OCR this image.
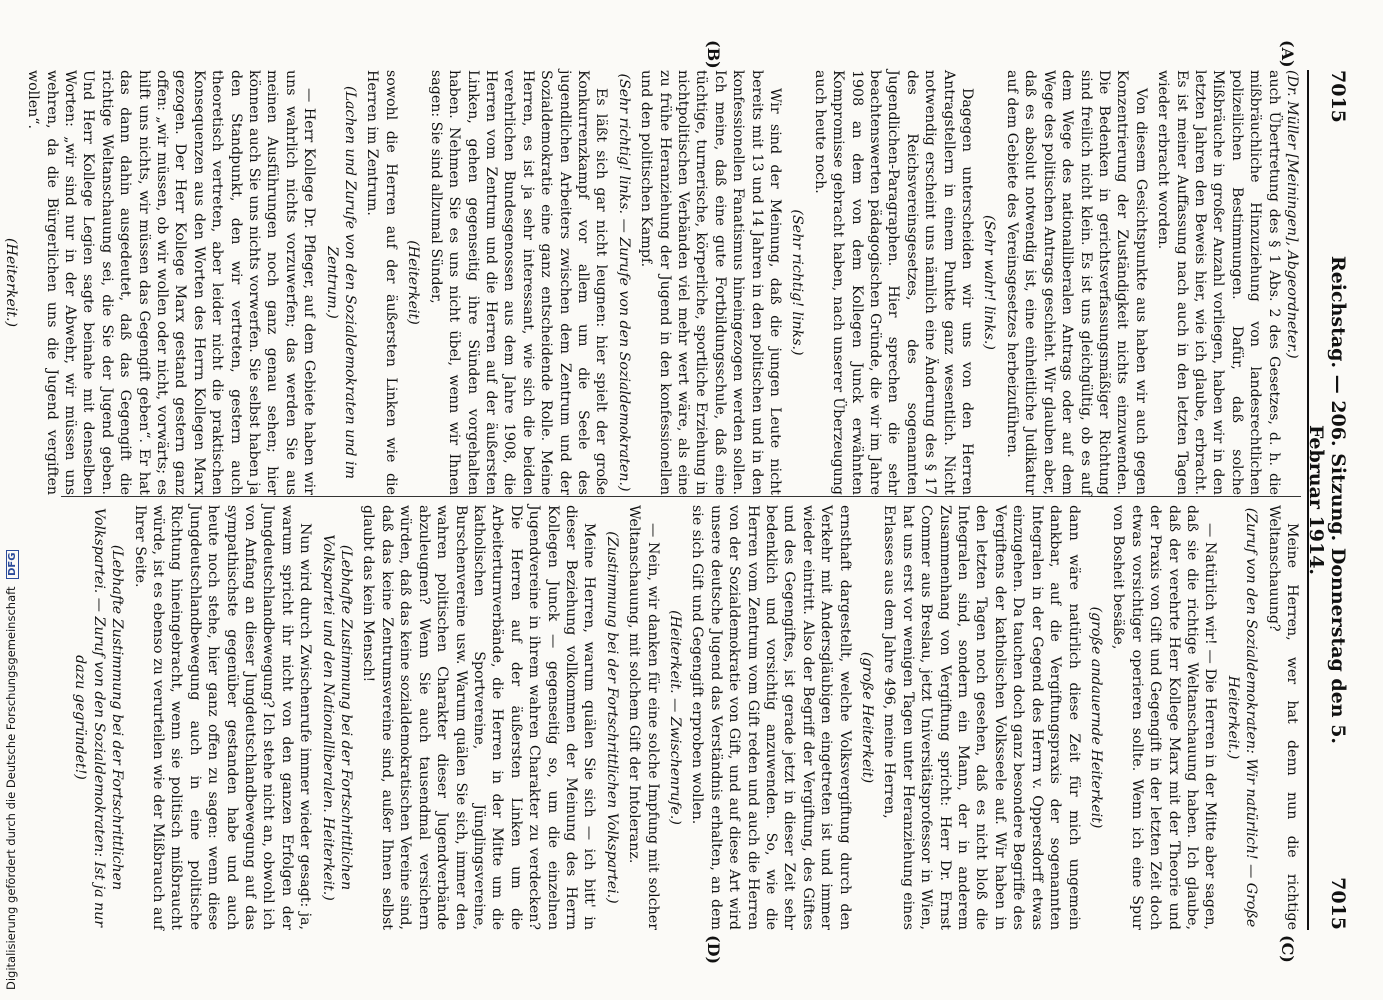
7015
Reichstag. — 206. Sitzung. Donnerstag den 5. Februar 1914.
7015
(A)
(B)
(C)
(D)

(Dr. Müller [Meiningen], Abgeordneter.)

auch Übertretung des § 1 Abs. 2 des Gesetzes, d. h. die mißbräuchliche Hinzuziehung von landesrechtlichen polizeilichen Bestimmungen. Dafür, daß solche Mißbräuche in großer Anzahl vorliegen, haben wir in den letzten Jahren den Beweis hier, wie ich glaube, erbracht. Es ist meiner Auffassung nach auch in den letzten Tagen wieder erbracht worden.

Von diesem Gesichtspunkte aus haben wir auch gegen Konzentrierung der Zuständigkeit nichts einzuwenden. Die Bedenken in gerichtsverfassungsmäßiger Richtung sind freilich nicht klein. Es ist uns gleichgültig, ob es auf dem Wege des nationalliberalen Antrags oder auf dem Wege des politischen Antrags geschieht. Wir glauben aber, daß es absolut notwendig ist, eine einheitliche Judikatur auf dem Gebiete des Vereinsgesetzes herbeizuführen.

(Sehr wahr! links.)

Dagegen unterscheiden wir uns von den Herren Antragstellern in einem Punkte ganz wesentlich. Nicht notwendig erscheint uns nämlich eine Änderung des § 17 des Reichsvereinsgesetzes, des sogenannten Jugendlichen-Paragraphen. Hier sprechen die sehr beachtenswerten pädagogischen Gründe, die wir im Jahre 1908 an dem von dem Kollegen Junck erwähnten Kompromisse gebracht haben, nach unserer Überzeugung auch heute noch.

(Sehr richtig! links.)

Wir sind der Meinung, daß die jungen Leute nicht bereits mit 13 und 14 Jahren in den politischen und in den konfessionellen Fanatismus hineingezogen werden sollen. Ich meine, daß eine gute Fortbildungsschule, daß eine tüchtige, turnerische, körperliche, sportliche Erziehung in nichtpolitischen Verbänden viel mehr wert wäre, als eine zu frühe Heranziehung der Jugend in den konfessionellen und den politischen Kampf.

(Sehr richtig! links. — Zurufe von den Sozialdemokraten.)

Es läßt sich gar nicht leugnen: hier spielt der große Konkurrenzkampf vor allem um die Seele des jugendlichen Arbeiters zwischen dem Zentrum und der Sozialdemokratie eine ganz entscheidende Rolle. Meine Herren, es ist ja sehr interessant, wie sich die beiden verehrlichen Bundesgenossen aus dem Jahre 1908, die Herren vom Zentrum und die Herren auf der äußersten Linken, gehen gegenseitig ihre Sünden vorgehalten haben. Nehmen Sie es uns nicht übel, wenn wir Ihnen sagen: Sie sind allzumal Sünder,

(Heiterkeit)

sowohl die Herren auf der äußersten Linken wie die Herren im Zentrum.

(Lachen und Zurufe von den Sozialdemokraten und im Zentrum.)

— Herr Kollege Dr. Pfleger, auf dem Gebiete haben wir uns wahrlich nichts vorzuwerfen; das werden Sie aus meinen Ausführungen noch ganz genau sehen; hier können auch Sie uns nichts vorwerfen. Sie selbst haben ja den Standpunkt, den wir vertreten, gestern auch theoretisch vertreten, aber leider nicht die praktischen Konsequenzen aus den Worten des Herrn Kollegen Marx gezogen. Der Herr Kollege Marx gestand gestern ganz offen: „wir müssen, ob wir wollen oder nicht, vorwärts; es hilft uns nichts, wir müssen das Gegengift geben“. Er hat das dann dahin ausgedeutet, daß das Gegengift die richtige Weltanschauung sei, die Sie der Jugend geben. Und Herr Kollege Legien sagte beinahe mit denselben Worten: „wir sind nur in der Abwehr, wir müssen uns wehren, da die Bürgerlichen uns die Jugend vergiften wollen“.

(Heiterkeit.)

Meine Herren, wer hat denn nun die richtige Weltanschauung?

(Zuruf von den Sozialdemokraten: Wir natürlich! — Große Heiterkeit.)

— Natürlich wir! — Die Herren in der Mitte aber sagen, daß sie die richtige Weltanschauung haben. Ich glaube, daß der verehrte Herr Kollege Marx mit der Theorie und der Praxis von Gift und Gegengift in der letzten Zeit doch etwas vorsichtiger operieren sollte. Wenn ich eine Spur von Bosheit besäße,

(große andauernde Heiterkeit)

dann wäre natürlich diese Zeit für mich ungemein dankbar, auf die Vergiftungspraxis der sogenannten Integralen in der Gegend des Herrn v. Oppersdorff etwas einzugehen. Da tauchen doch ganz besondere Begriffe des Vergiftens der katholischen Volksseele auf. Wir haben in den letzten Tagen noch gesehen, daß es nicht bloß die Integralen sind, sondern ein Mann, der in anderem Zusammenhang von Vergiftung spricht: Herr Dr. Ernst Commer aus Breslau, jetzt Universitätsprofessor in Wien, hat uns erst vor wenigen Tagen unter Heranziehung eines Erlasses aus dem Jahre 496, meine Herren,

(große Heiterkeit)

ernsthaft dargestellt, welche Volksvergiftung durch den Verkehr mit Andersgläubigen eingetreten ist und immer wieder eintritt. Also der Begriff der Vergiftung, des Giftes und des Gegengiftes, ist gerade jetzt in dieser Zeit sehr bedenklich und vorsichtig anzuwenden. So, wie die Herren vom Zentrum vom Gift reden und auch die Herren von der Sozialdemokratie von Gift, und auf diese Art wird unsere deutsche Jugend das Verständnis erhalten, an dem sie sich Gift und Gegengift erproben wollen.

(Heiterkeit. — Zwischenrufe.)

— Nein, wir danken für eine solche Impfung mit solcher Weltanschauung, mit solchem Gift der Intoleranz.

(Zustimmung bei der Fortschrittlichen Volkspartei.)

Meine Herren, warum quälen Sie sich — ich bitt' in dieser Beziehung vollkommen der Meinung des Herrn Kollegen Junck — gegenseitig so, um die einzelnen Jugendvereine in ihrem wahren Charakter zu verdecken? Die Herren auf der äußersten Linken um die Arbeiterturnverbände, die Herren in der Mitte um die katholischen Sportvereine, Jünglingsvereine, Burschenvereine usw. Warum quälen Sie sich, immer den wahren politischen Charakter dieser Jugendverbände abzuleugnen? Wenn Sie auch tausendmal versichern würden, daß das keine sozialdemokratischen Vereine sind, daß das keine Zentrumsvereine sind, außer Ihnen selbst glaubt das kein Mensch!

(Lebhafte Zustimmung bei der Fortschrittlichen Volkspartei und den Nationalliberalen. Heiterkeit.)

Nun wird durch Zwischenrufe immer wieder gesagt: ja, warum spricht ihr nicht von den ganzen Erfolgen der Jungdeutschlandbewegung? Ich stehe nicht an, obwohl ich von Anfang an dieser Jungdeutschlandbewegung auf das sympathischste gegenüber gestanden habe und auch heute noch stehe, hier ganz offen zu sagen: wenn diese Jungdeutschlandbewegung auch in eine politische Richtung hineingebracht, wenn sie politisch mißbraucht würde, ist es ebenso zu verurteilen wie der Mißbrauch auf Ihrer Seite.

(Lebhafte Zustimmung bei der Fortschrittlichen Volkspartei. — Zuruf von den Sozialdemokraten: Ist ja nur dazu gegründet!)

Digitalisierung gefördert durch die Deutsche Forschungsgemeinschaft DFG
